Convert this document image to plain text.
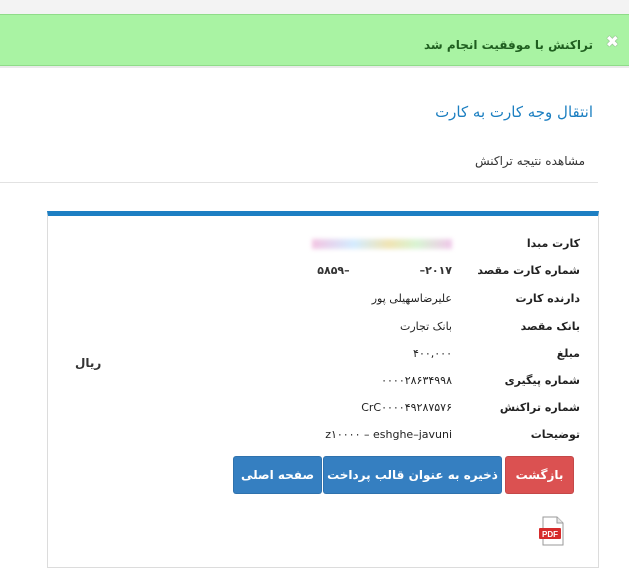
✖
تراکنش با موفقیت انجام شد
انتقال وجه کارت به کارت
مشاهده نتیجه تراکنش
کارت مبدا
شماره کارت مقصد
۵۸۵۹–	–۲۰۱۷
دارنده کارت
علیرضاسهیلی پور
بانک مقصد
بانک تجارت
مبلغ
۴۰۰,۰۰۰
شماره پیگیری
۰۰۰۰۲۸۶۳۴۹۹۸
شماره تراکنش
CrC۰۰۰۰۴۹۲۸۷۵۷۶
توضیحات
z۱۰۰۰۰ – eshghe–javuni
ریال
بازگشت
ذخیره به عنوان قالب پرداخت
صفحه اصلی
PDF
